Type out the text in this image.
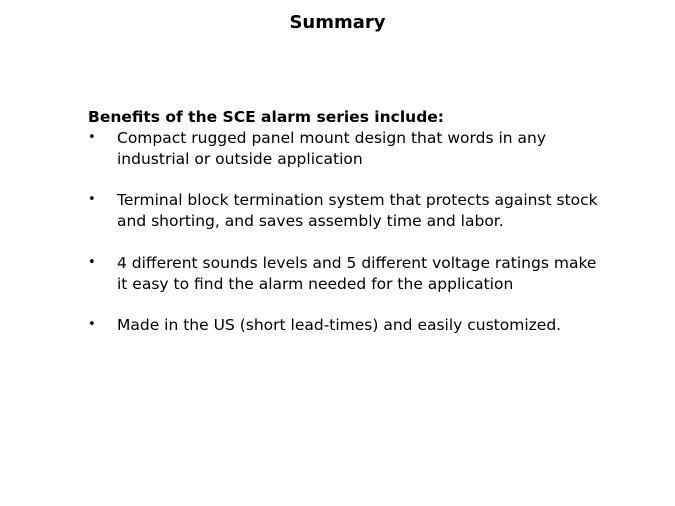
Summary

Benefits of the SCE alarm series include:

• Compact rugged panel mount design that words in any industrial or outside application
• Terminal block termination system that protects against stock and shorting, and saves assembly time and labor.
• 4 different sounds levels and 5 different voltage ratings make it easy to find the alarm needed for the application
• Made in the US (short lead-times) and easily customized.
